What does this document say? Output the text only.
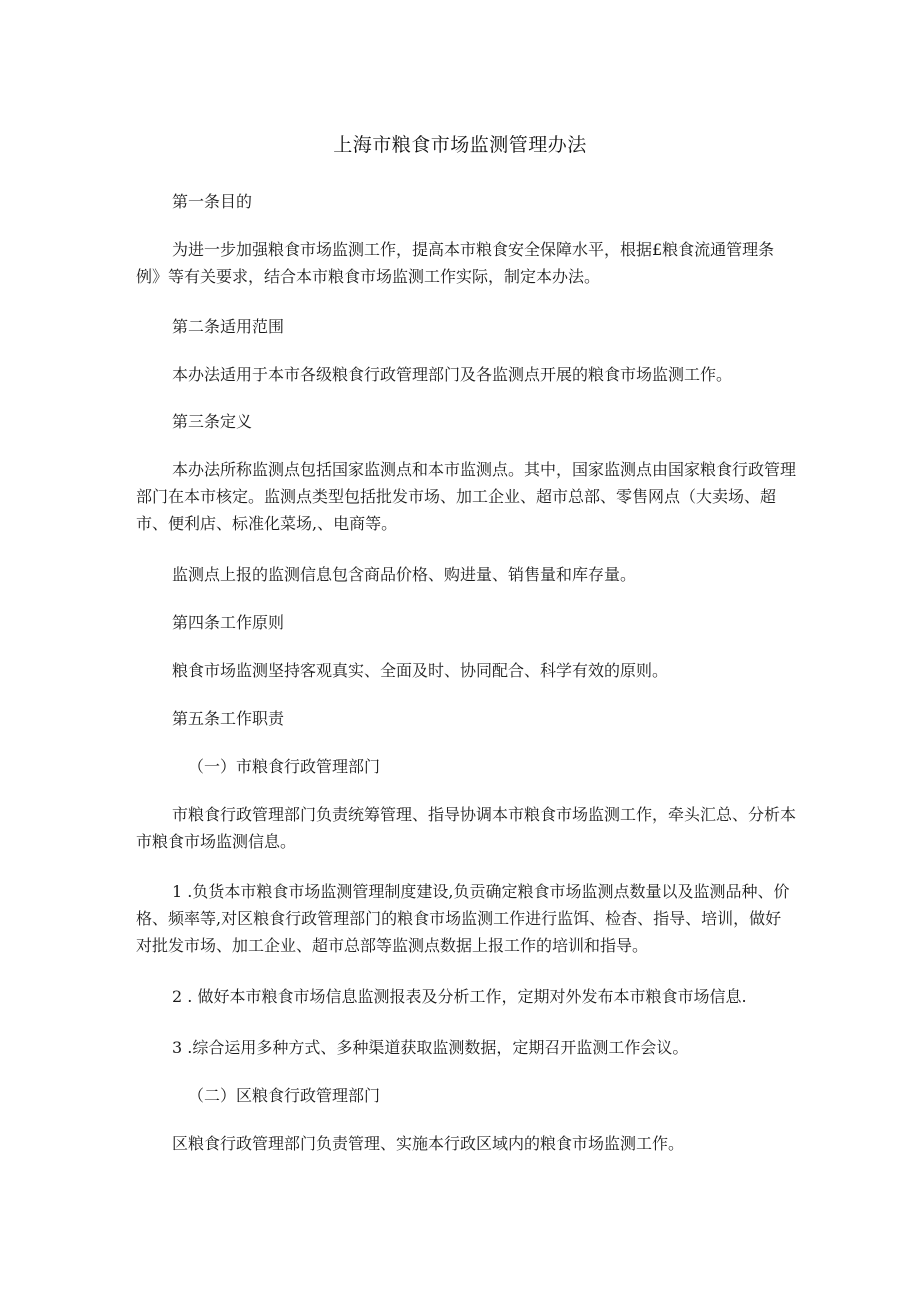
上海市粮食市场监测管理办法
第一条目的
为进一步加强粮食市场监测工作，提高本市粮食安全保障水平，根据£粮食流通管理条例》等有关要求，结合本市粮食市场监测工作实际，制定本办法。
第二条适用范围
本办法适用于本市各级粮食行政管理部门及各监测点开展的粮食市场监测工作。
第三条定义
本办法所称监测点包括国家监测点和本市监测点。其中，国家监测点由国家粮食行政管理部门在本市核定。监测点类型包括批发市场、加工企业、超市总部、零售网点（大卖场、超市、便利店、标准化菜场,、电商等。
监测点上报的监测信息包含商品价格、购进量、销售量和库存量。
第四条工作原则
粮食市场监测坚持客观真实、全面及时、协同配合、科学有效的原则。
第五条工作职责
（一）市粮食行政管理部门
市粮食行政管理部门负责统筹管理、指导协调本市粮食市场监测工作，牵头汇总、分析本市粮食市场监测信息。
1 .负货本市粮食市场监测管理制度建设,负贡确定粮食市场监测点数量以及监测品种、价格、频率等,对区粮食行政管理部门的粮食市场监测工作进行监饵、检杳、指导、培训，做好对批发市场、加工企业、超市总部等监测点数据上报工作的培训和指导。
2 . 做好本市粮食市场信息监测报表及分析工作，定期对外发布本市粮食市场信息.
3 .综合运用多种方式、多种渠道获取监测数据，定期召开监测工作会议。
（二）区粮食行政管理部门
区粮食行政管理部门负责管理、实施本行政区域内的粮食市场监测工作。
